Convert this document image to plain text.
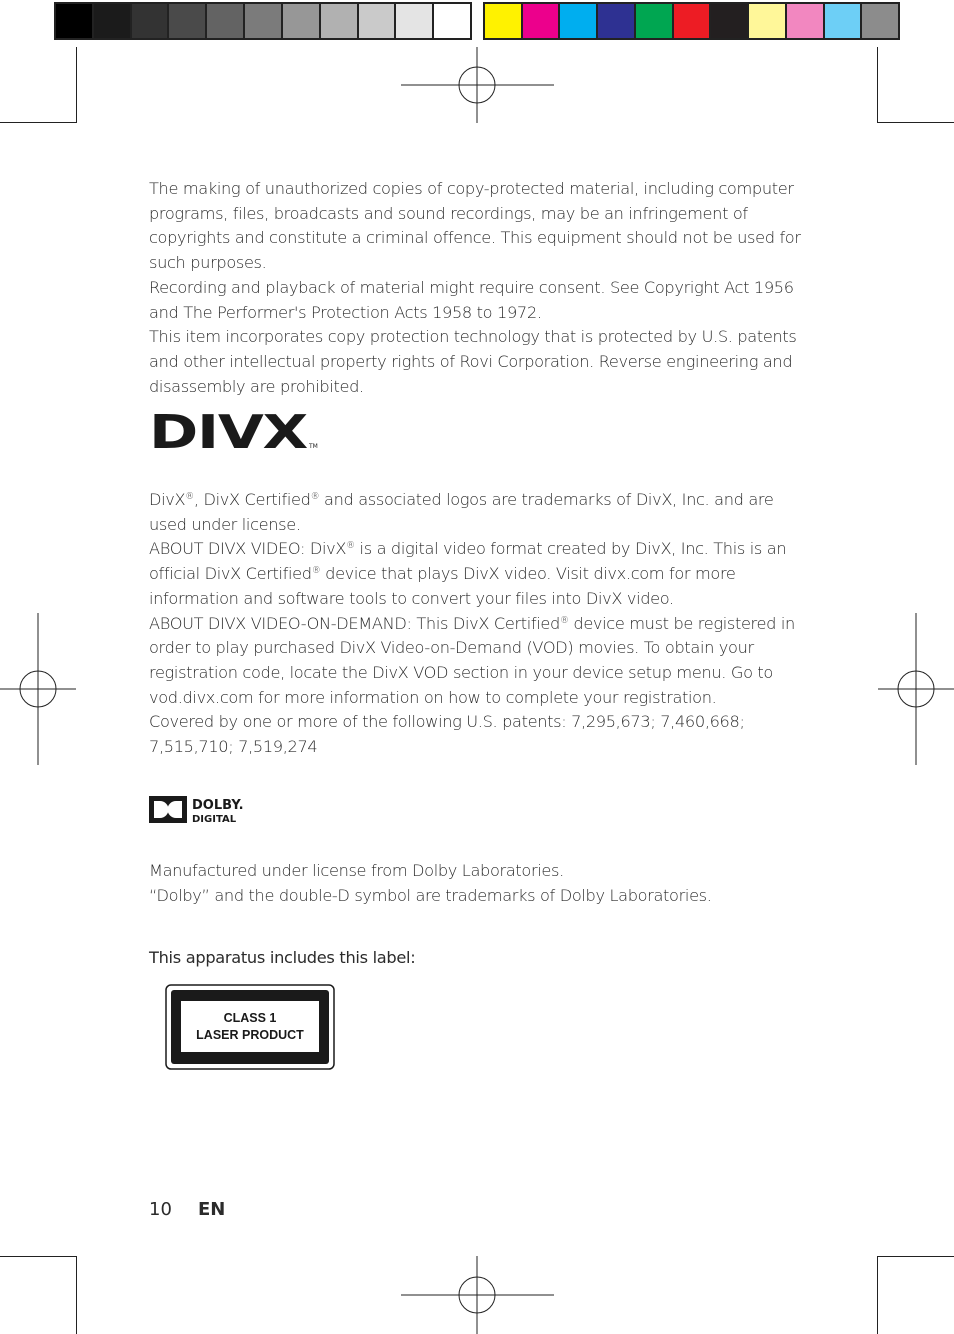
The making of unauthorized copies of copy-protected material, including computer programs, files, broadcasts and sound recordings, may be an infringement of copyrights and constitute a criminal offence. This equipment should not be used for such purposes.

Recording and playback of material might require consent. See Copyright Act 1956 and The Performer's Protection Acts 1958 to 1972.

This item incorporates copy protection technology that is protected by U.S. patents and other intellectual property rights of Rovi Corporation. Reverse engineering and disassembly are prohibited.

DIVX TM

DivX®, DivX Certified® and associated logos are trademarks of DivX, Inc. and are used under license.

ABOUT DIVX VIDEO: DivX® is a digital video format created by DivX, Inc. This is an official DivX Certified® device that plays DivX video. Visit divx.com for more information and software tools to convert your files into DivX video.

ABOUT DIVX VIDEO-ON-DEMAND: This DivX Certified® device must be registered in order to play purchased DivX Video-on-Demand (VOD) movies. To obtain your registration code, locate the DivX VOD section in your device setup menu. Go to vod.divx.com for more information on how to complete your registration.

Covered by one or more of the following U.S. patents: 7,295,673; 7,460,668; 7,515,710; 7,519,274

DOLBY.
DIGITAL

Manufactured under license from Dolby Laboratories.

“Dolby” and the double-D symbol are trademarks of Dolby Laboratories.

This apparatus includes this label:
CLASS 1
LASER PRODUCT
10 EN
